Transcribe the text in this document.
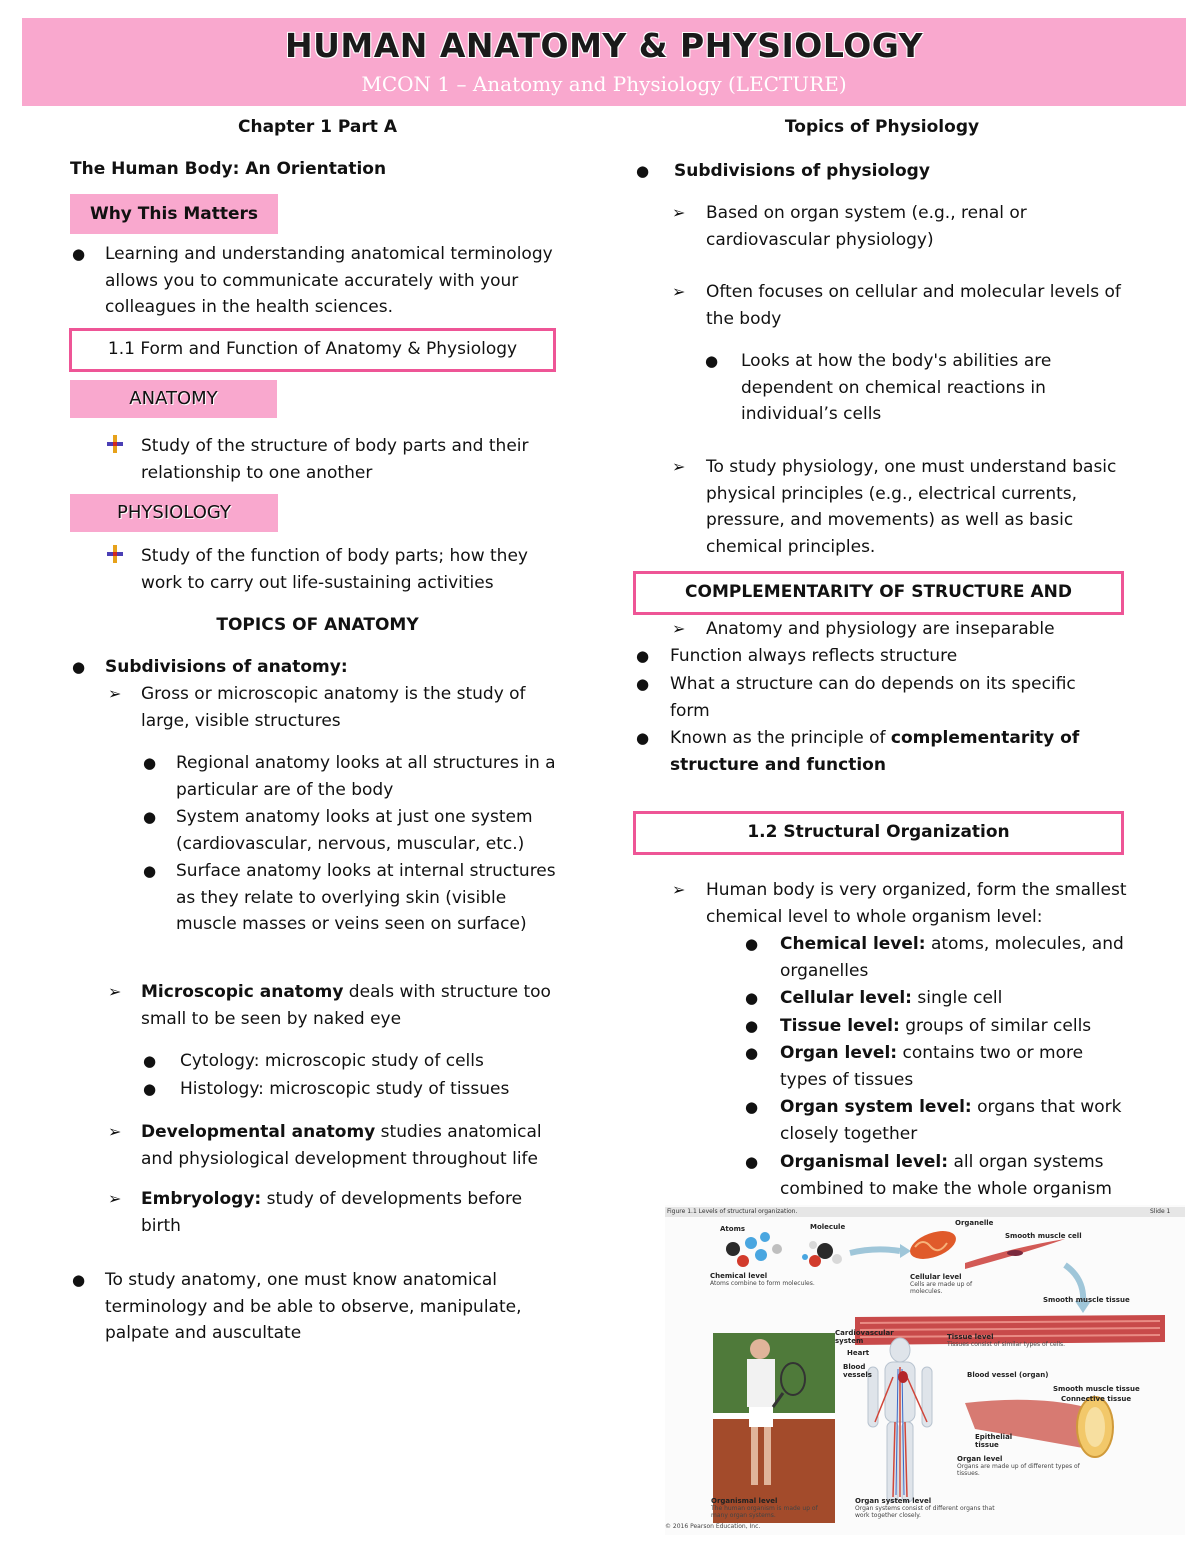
HUMAN ANATOMY & PHYSIOLOGY
MCON 1 – Anatomy and Physiology (LECTURE)
Chapter 1 Part A
The Human Body: An Orientation
Why This Matters
● Learning and understanding anatomical terminology allows you to communicate accurately with your colleagues in the health sciences.
1.1 Form and Function of Anatomy & Physiology
ANATOMY
Study of the structure of body parts and their relationship to one another
PHYSIOLOGY
Study of the function of body parts; how they work to carry out life-sustaining activities
TOPICS OF ANATOMY
● Subdivisions of anatomy:
➢ Gross or microscopic anatomy is the study of large, visible structures
● Regional anatomy looks at all structures in a particular are of the body
● System anatomy looks at just one system (cardiovascular, nervous, muscular, etc.)
● Surface anatomy looks at internal structures as they relate to overlying skin (visible muscle masses or veins seen on surface)
➢ Microscopic anatomy deals with structure too small to be seen by naked eye
● Cytology: microscopic study of cells
● Histology: microscopic study of tissues
➢ Developmental anatomy studies anatomical and physiological development throughout life
➢ Embryology: study of developments before birth
● To study anatomy, one must know anatomical terminology and be able to observe, manipulate, palpate and auscultate
Topics of Physiology
● Subdivisions of physiology
➢ Based on organ system (e.g., renal or cardiovascular physiology)
➢ Often focuses on cellular and molecular levels of the body
● Looks at how the body's abilities are dependent on chemical reactions in individual’s cells
➢ To study physiology, one must understand basic physical principles (e.g., electrical currents, pressure, and movements) as well as basic chemical principles.
COMPLEMENTARITY OF STRUCTURE AND
➢ Anatomy and physiology are inseparable
● Function always reflects structure
● What a structure can do depends on its specific form
● Known as the principle of complementarity of structure and function
1.2 Structural Organization
➢ Human body is very organized, form the smallest chemical level to whole organism level:
● Chemical level: atoms, molecules, and organelles
● Cellular level: single cell
● Tissue level: groups of similar cells
● Organ level: contains two or more types of tissues
● Organ system level: organs that work closely together
● Organismal level: all organ systems combined to make the whole organism
Figure 1.1 Levels of structural organization.	Slide 1
Atoms	Molecule	Organelle
Smooth muscle cell
Chemical level
Atoms combine to form molecules.
Cellular level
Cells are made up of molecules.
Smooth muscle tissue
Cardiovascular system
Heart
Blood vessels
Tissue level
Tissues consist of similar types of cells.
Blood vessel (organ)
Smooth muscle tissue
Connective tissue
Epithelial tissue
Organ level
Organs are made up of different types of tissues.
Organismal level
The human organism is made up of many organ systems.
Organ system level
Organ systems consist of different organs that work together closely.
© 2016 Pearson Education, Inc.
